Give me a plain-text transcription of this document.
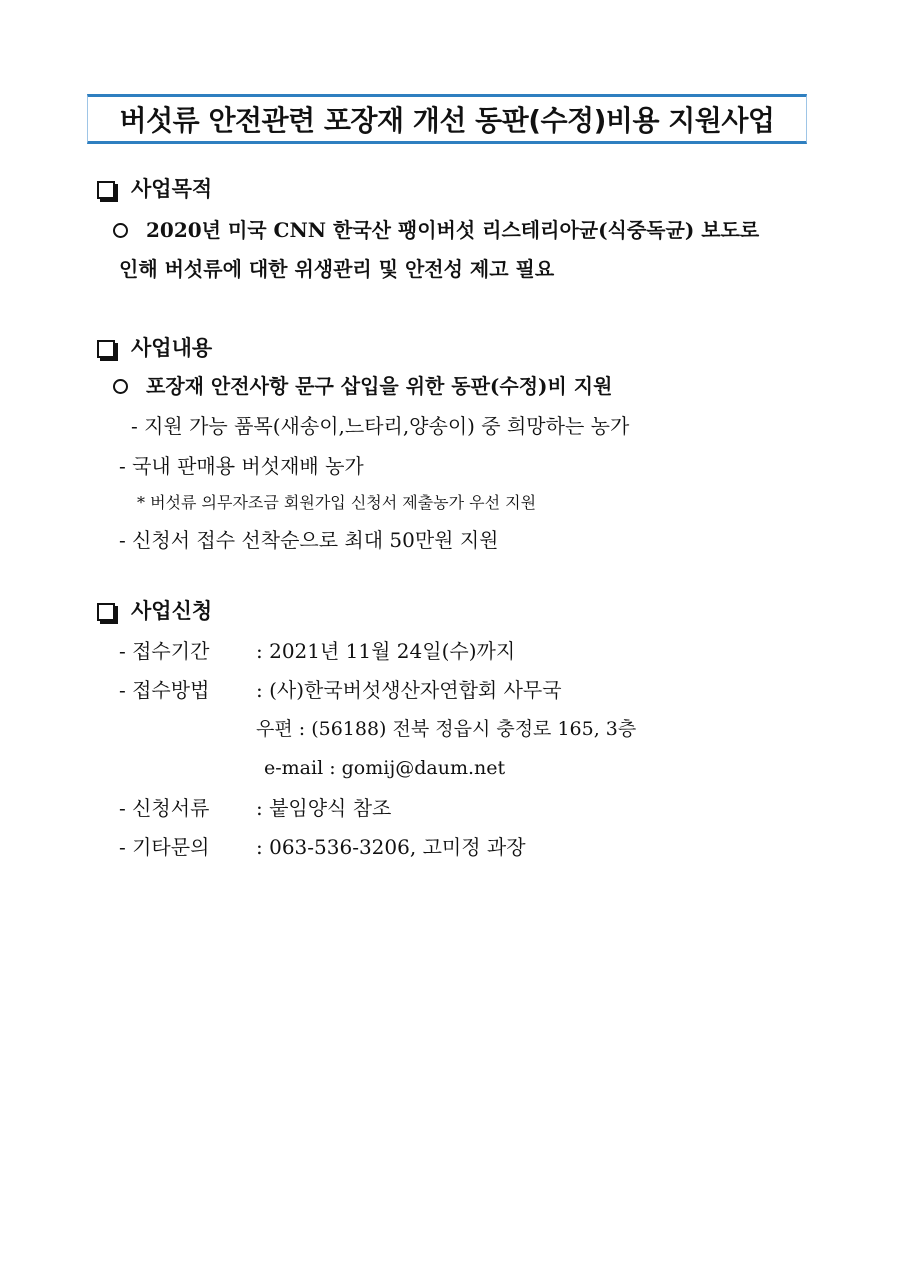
버섯류 안전관련 포장재 개선 동판(수정)비용 지원사업
사업목적
2020년 미국 CNN 한국산 팽이버섯 리스테리아균(식중독균) 보도로
인해 버섯류에 대한 위생관리 및 안전성 제고 필요
사업내용
포장재 안전사항 문구 삽입을 위한 동판(수정)비 지원
- 지원 가능 품목(새송이,느타리,양송이) 중 희망하는 농가
- 국내 판매용 버섯재배 농가
* 버섯류 의무자조금 회원가입 신청서 제출농가 우선 지원
- 신청서 접수 선착순으로 최대 50만원 지원
사업신청
- 접수기간 : 2021년 11월 24일(수)까지
- 접수방법 : (사)한국버섯생산자연합회 사무국
우편 : (56188) 전북 정읍시 충정로 165, 3층
e-mail : gomij@daum.net
- 신청서류 : 붙임양식 참조
- 기타문의 : 063-536-3206, 고미정 과장
